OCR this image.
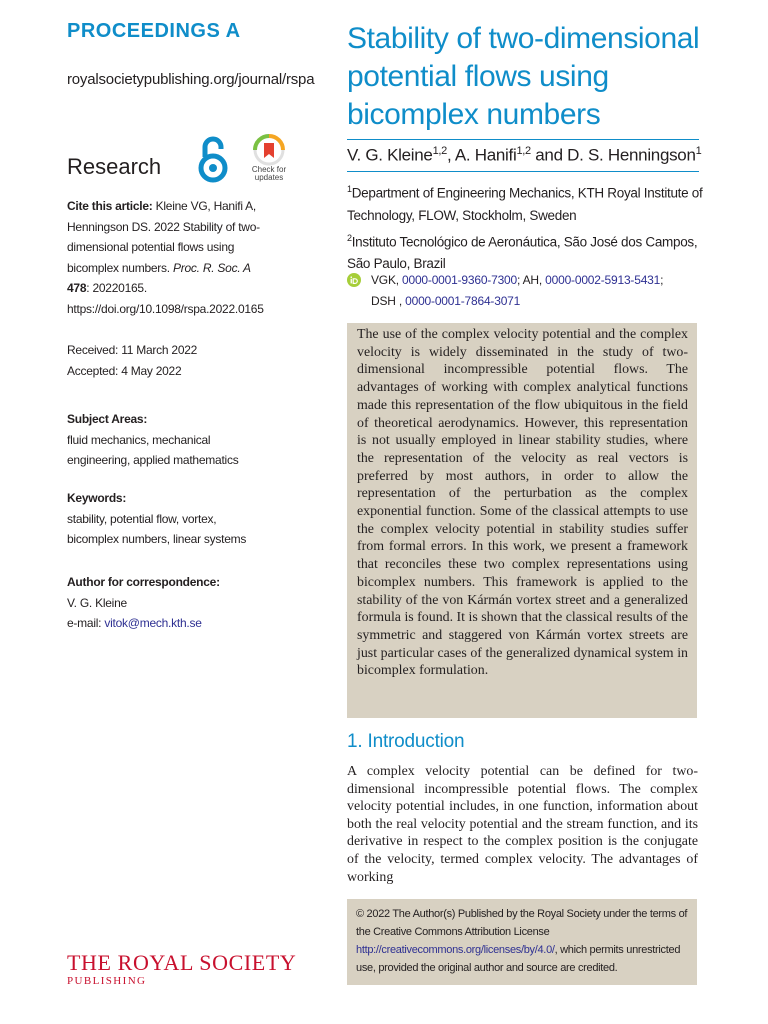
PROCEEDINGS A
royalsocietypublishing.org/journal/rspa
Research	Check for updates
Cite this article: Kleine VG, Hanifi A, Henningson DS. 2022 Stability of two-dimensional potential flows using bicomplex numbers. Proc. R. Soc. A 478: 20220165. https://doi.org/10.1098/rspa.2022.0165
Received: 11 March 2022
Accepted: 4 May 2022
Subject Areas:
fluid mechanics, mechanical engineering, applied mathematics
Keywords:
stability, potential flow, vortex, bicomplex numbers, linear systems
Author for correspondence:
V. G. Kleine
e-mail: vitok@mech.kth.se
THE ROYAL SOCIETY
PUBLISHING
Stability of two-dimensional potential flows using bicomplex numbers
V. G. Kleine$^{1,2}$, A. Hanifi$^{1,2}$ and D. S. Henningson$^1$
$^1$Department of Engineering Mechanics, KTH Royal Institute of Technology, FLOW, Stockholm, Sweden
$^2$Instituto Tecnológico de Aeronáutica, São José dos Campos, São Paulo, Brazil
VGK, 0000-0001-9360-7300; AH, 0000-0002-5913-5431;
DSH , 0000-0001-7864-3071
The use of the complex velocity potential and the complex velocity is widely disseminated in the study of two-dimensional incompressible potential flows. The advantages of working with complex analytical functions made this representation of the flow ubiquitous in the field of theoretical aerodynamics. However, this representation is not usually employed in linear stability studies, where the representation of the velocity as real vectors is preferred by most authors, in order to allow the representation of the perturbation as the complex exponential function. Some of the classical attempts to use the complex velocity potential in stability studies suffer from formal errors. In this work, we present a framework that reconciles these two complex representations using bicomplex numbers. This framework is applied to the stability of the von Kármán vortex street and a generalized formula is found. It is shown that the classical results of the symmetric and staggered von Kármán vortex streets are just particular cases of the generalized dynamical system in bicomplex formulation.
1. Introduction
A complex velocity potential can be defined for two-dimensional incompressible potential flows. The complex velocity potential includes, in one function, information about both the real velocity potential and the stream function, and its derivative in respect to the complex position is the conjugate of the velocity, termed complex velocity. The advantages of working
© 2022 The Author(s) Published by the Royal Society under the terms of the Creative Commons Attribution License http://creativecommons.org/licenses/by/4.0/, which permits unrestricted use, provided the original author and source are credited.
